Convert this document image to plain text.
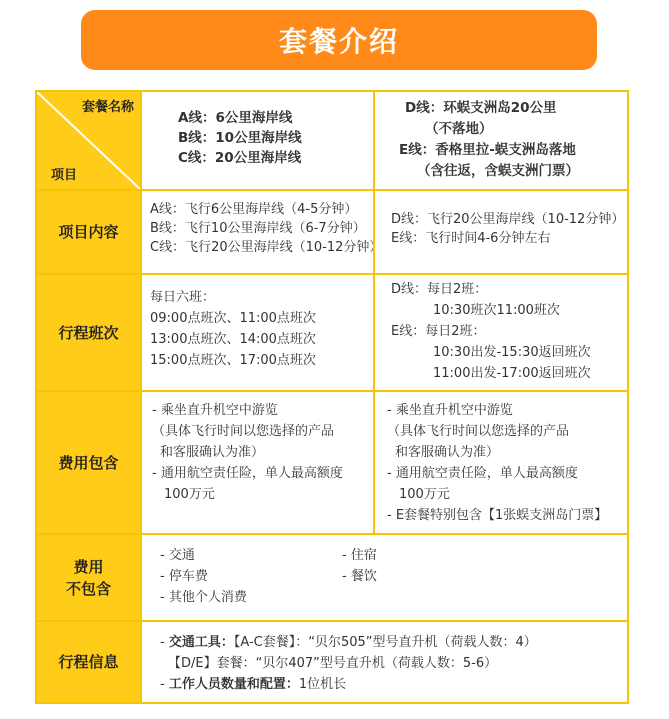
套餐介绍
套餐名称
项目
A线：6公里海岸线
B线：10公里海岸线
C线：20公里海岸线
D线：环蜈支洲岛20公里
（不落地）
E线：香格里拉-蜈支洲岛落地
（含往返，含蜈支洲门票）
项目内容
A线：飞行6公里海岸线（4-5分钟）
B线：飞行10公里海岸线（6-7分钟）
C线：飞行20公里海岸线（10-12分钟）
D线：飞行20公里海岸线（10-12分钟）
E线：飞行时间4-6分钟左右
行程班次
每日六班：
09:00点班次、11:00点班次
13:00点班次、14:00点班次
15:00点班次、17:00点班次
D线：每日2班：
10:30班次11:00班次
E线：每日2班：
10:30出发-15:30返回班次
11:00出发-17:00返回班次
费用包含
- 乘坐直升机空中游览
（具体飞行时间以您选择的产品
和客服确认为准）
- 通用航空责任险，单人最高额度
100万元
- 乘坐直升机空中游览
（具体飞行时间以您选择的产品
和客服确认为准）
- 通用航空责任险，单人最高额度
100万元
- E套餐特别包含【1张蜈支洲岛门票】
费用
不包含
- 交通
- 停车费
- 其他个人消费
- 住宿
- 餐饮
行程信息
- 交通工具：【A-C套餐】：“贝尔505”型号直升机（荷载人数：4）
【D/E】套餐：“贝尔407”型号直升机（荷载人数：5-6）
- 工作人员数量和配置：1位机长
